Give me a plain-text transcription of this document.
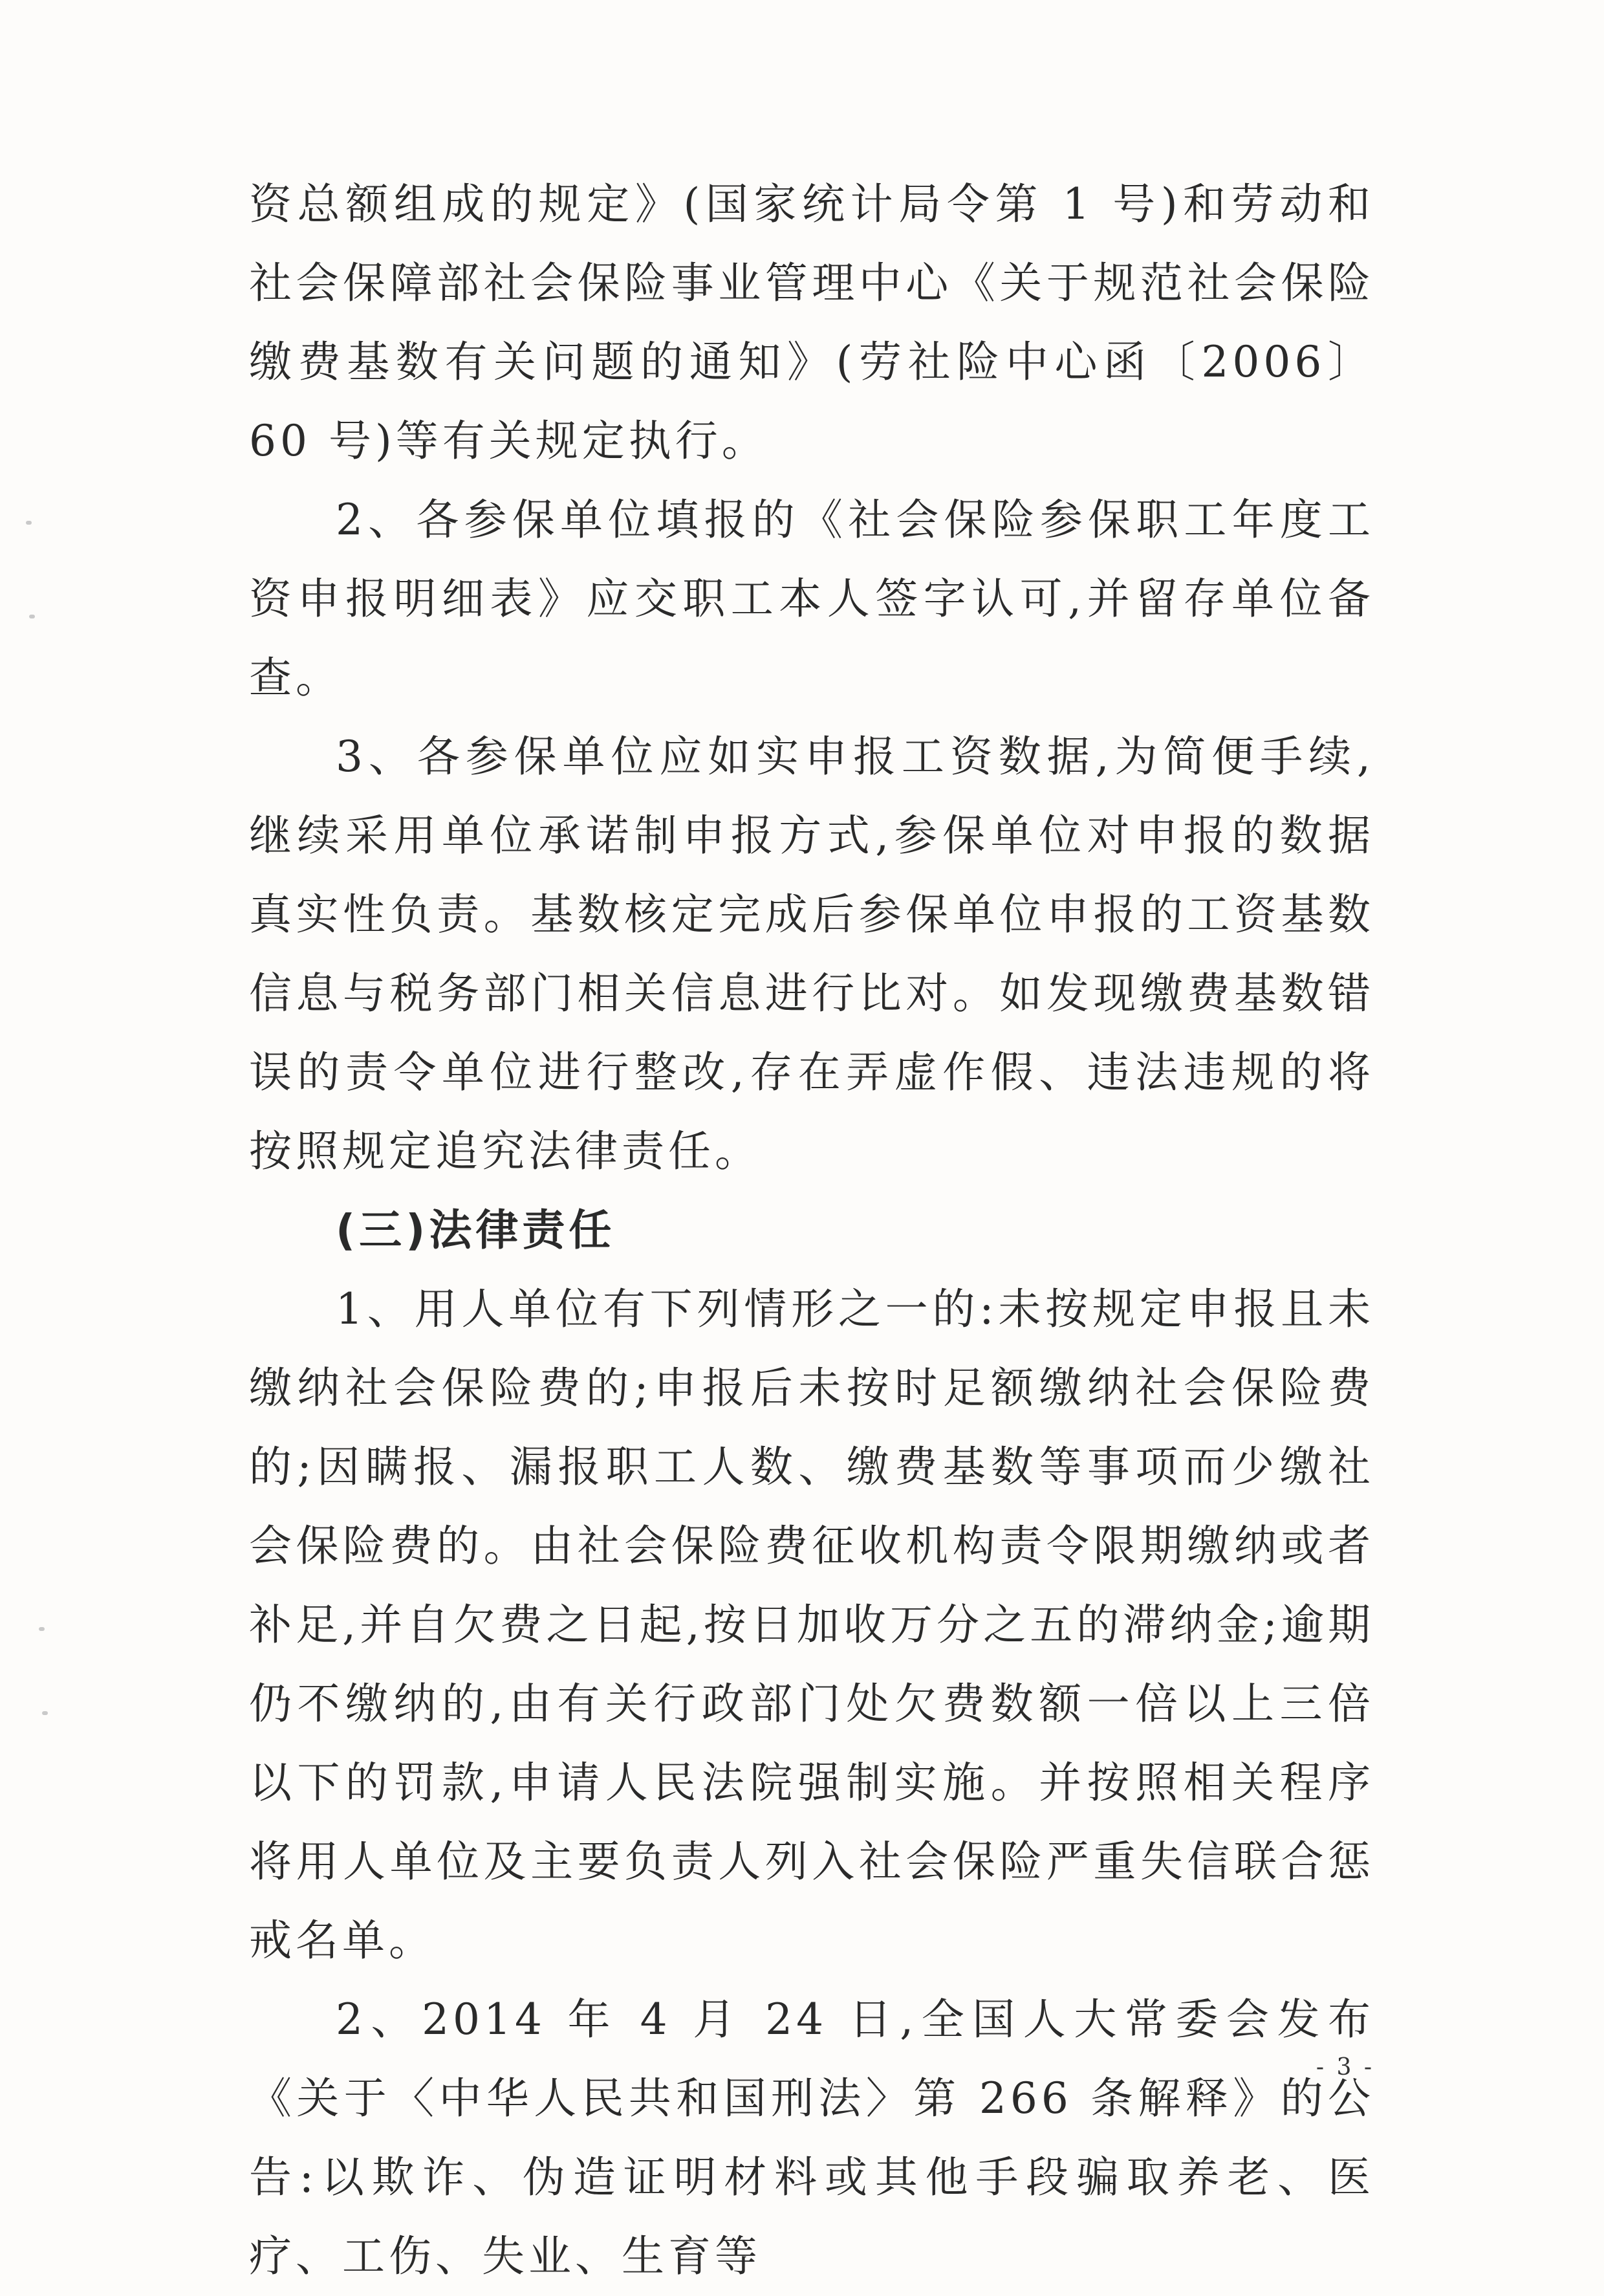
资总额组成的规定》(国家统计局令第 1 号)和劳动和社会保障部社会保险事业管理中心《关于规范社会保险缴费基数有关问题的通知》(劳社险中心函〔2006〕60 号)等有关规定执行。

2、各参保单位填报的《社会保险参保职工年度工资申报明细表》应交职工本人签字认可,并留存单位备查。

3、各参保单位应如实申报工资数据,为简便手续,继续采用单位承诺制申报方式,参保单位对申报的数据真实性负责。基数核定完成后参保单位申报的工资基数信息与税务部门相关信息进行比对。如发现缴费基数错误的责令单位进行整改,存在弄虚作假、违法违规的将按照规定追究法律责任。

(三)法律责任

1、用人单位有下列情形之一的:未按规定申报且未缴纳社会保险费的;申报后未按时足额缴纳社会保险费的;因瞒报、漏报职工人数、缴费基数等事项而少缴社会保险费的。由社会保险费征收机构责令限期缴纳或者补足,并自欠费之日起,按日加收万分之五的滞纳金;逾期仍不缴纳的,由有关行政部门处欠费数额一倍以上三倍以下的罚款,申请人民法院强制实施。并按照相关程序将用人单位及主要负责人列入社会保险严重失信联合惩戒名单。

2、2014 年 4 月 24 日,全国人大常委会发布《关于〈中华人民共和国刑法〉第 266 条解释》的公告:以欺诈、伪造证明材料或其他手段骗取养老、医疗、工伤、失业、生育等

- 3 -
